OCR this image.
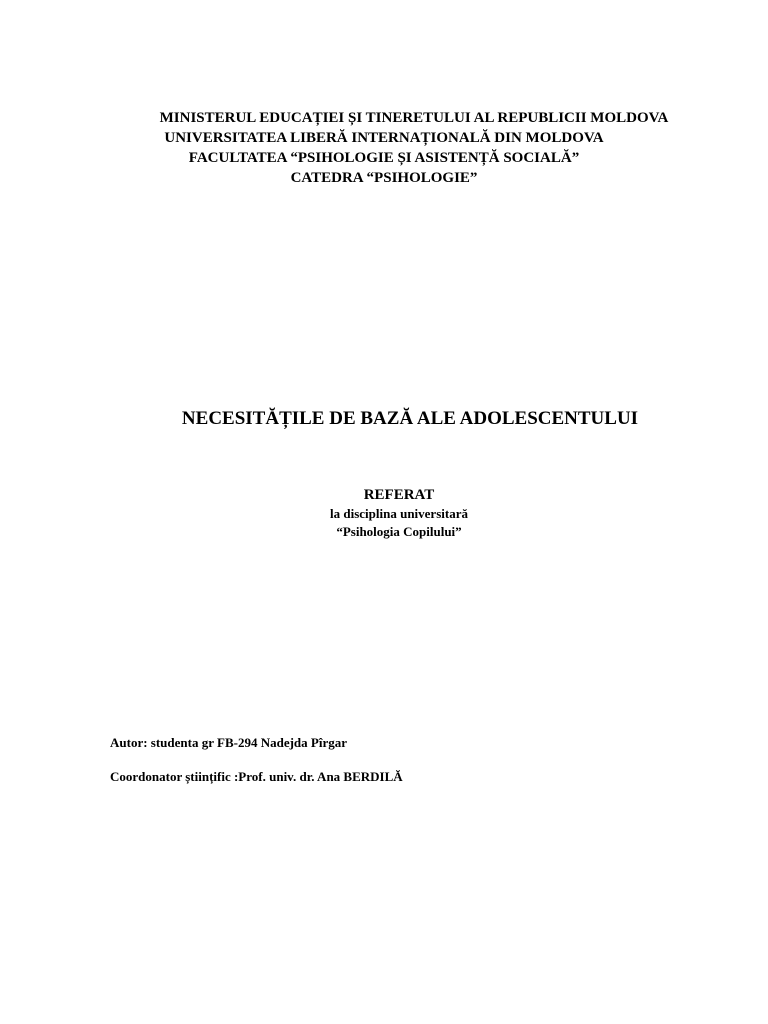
MINISTERUL EDUCAȚIEI ȘI TINERETULUI AL REPUBLICII MOLDOVA
UNIVERSITATEA LIBERĂ INTERNAȚIONALĂ DIN MOLDOVA
FACULTATEA “PSIHOLOGIE ȘI ASISTENȚĂ SOCIALĂ”
CATEDRA “PSIHOLOGIE”
NECESITĂȚILE DE BAZĂ ALE ADOLESCENTULUI
REFERAT
la disciplina universitară
“Psihologia Copilului”
Autor: studenta gr FB-294 Nadejda Pîrgar
Coordonator științific :Prof. univ. dr. Ana BERDILĂ
